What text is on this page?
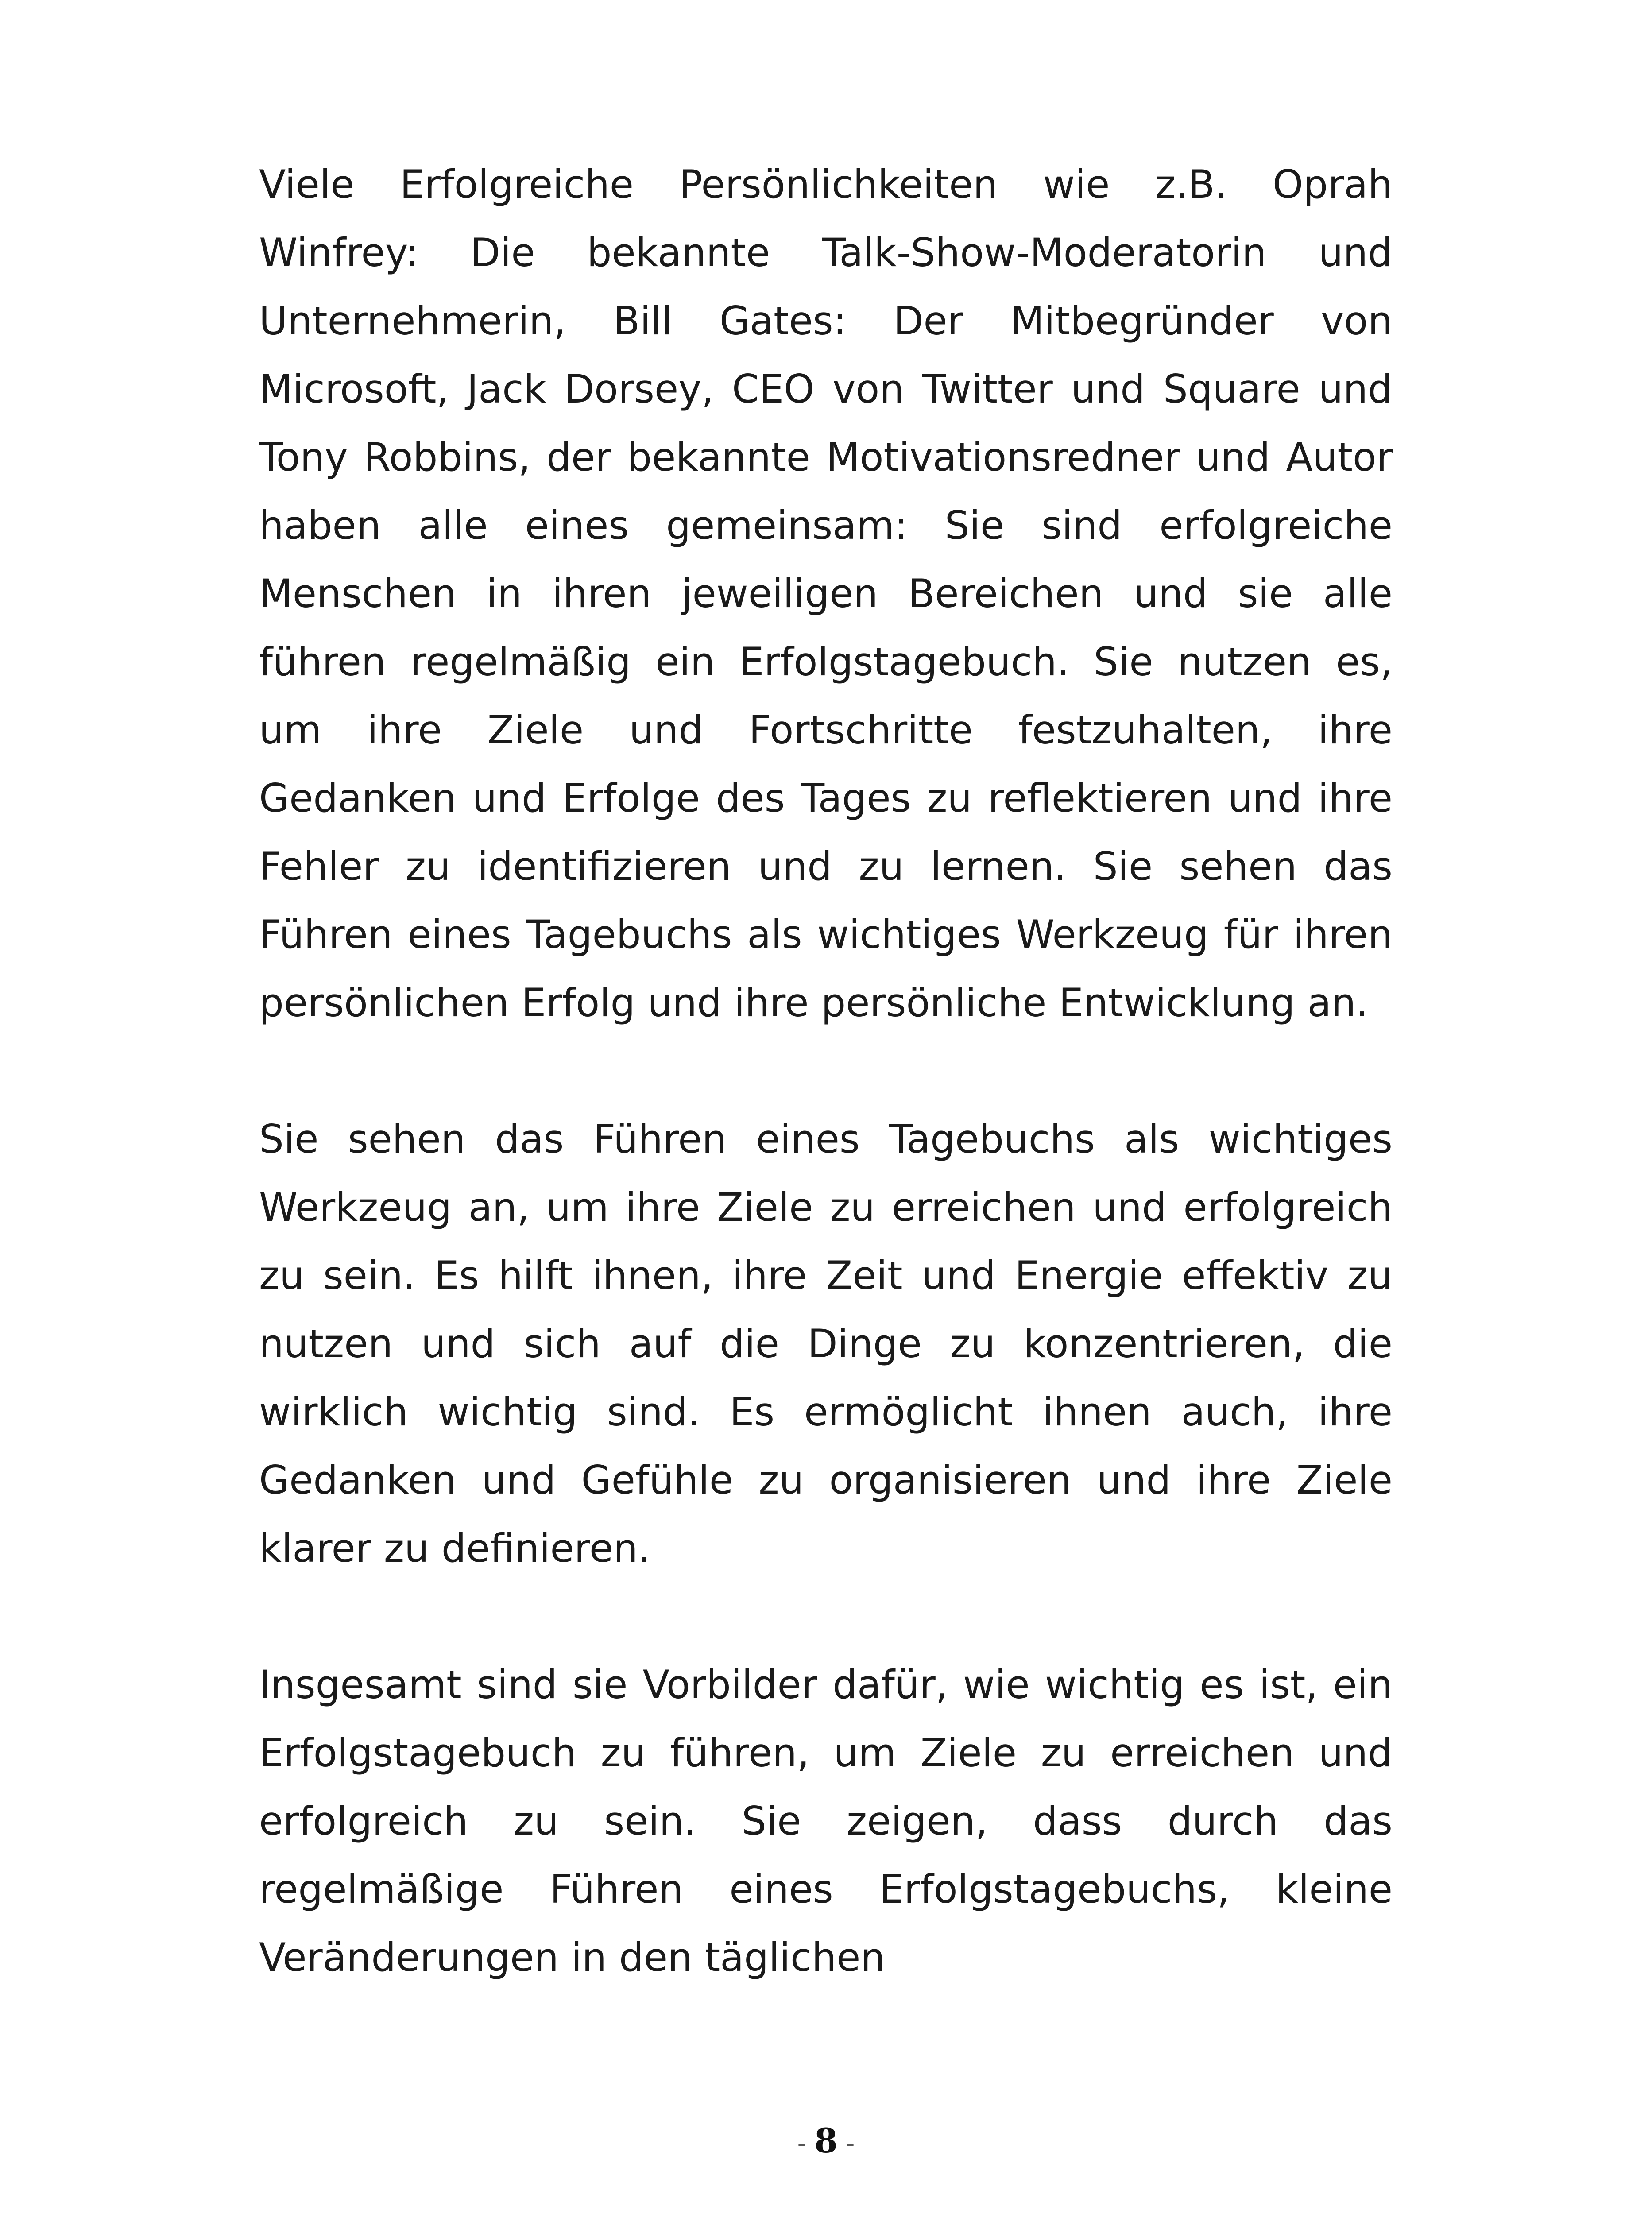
Viele Erfolgreiche Persönlichkeiten wie z.B. Oprah Winfrey: Die bekannte Talk-Show-Moderatorin und Unternehmerin, Bill Gates: Der Mitbegründer von Microsoft, Jack Dorsey, CEO von Twitter und Square und Tony Robbins, der bekannte Motivationsredner und Autor haben alle eines gemeinsam: Sie sind erfolgreiche Menschen in ihren jeweiligen Bereichen und sie alle führen regelmäßig ein Erfolgstagebuch. Sie nutzen es, um ihre Ziele und Fortschritte festzuhalten, ihre Gedanken und Erfolge des Tages zu reflektieren und ihre Fehler zu identifizieren und zu lernen. Sie sehen das Führen eines Tagebuchs als wichtiges Werkzeug für ihren persönlichen Erfolg und ihre persönliche Entwicklung an.

Sie sehen das Führen eines Tagebuchs als wichtiges Werkzeug an, um ihre Ziele zu erreichen und erfolgreich zu sein. Es hilft ihnen, ihre Zeit und Energie effektiv zu nutzen und sich auf die Dinge zu konzentrieren, die wirklich wichtig sind. Es ermöglicht ihnen auch, ihre Gedanken und Gefühle zu organisieren und ihre Ziele klarer zu definieren.

Insgesamt sind sie Vorbilder dafür, wie wichtig es ist, ein Erfolgstagebuch zu führen, um Ziele zu erreichen und erfolgreich zu sein. Sie zeigen, dass durch das regelmäßige Führen eines Erfolgstagebuchs, kleine Veränderungen in den täglichen

- 8 -
